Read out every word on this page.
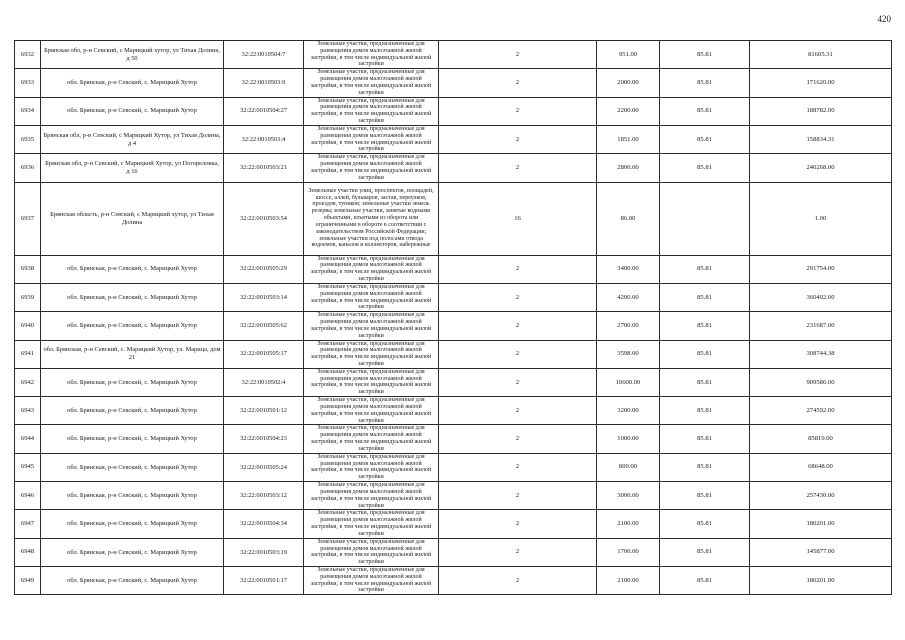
420
6932	Брянская обл, р-н Севский, с Марицкий хутор, ул Тихая Долина, д 50	32:22:0010504:7	Земельные участки, предназначенные для размещения домов малоэтажной жилой застройки, в том числе индивидуальной жилой застройки	2	951.00	85.81	81605.31
6933	обл. Брянская, р-н Севский, с. Марицкий Хутор	32:22:0010503:9	Земельные участки, предназначенные для размещения домов малоэтажной жилой застройки, в том числе индивидуальной жилой застройки	2	2000.00	85.81	171620.00
6934	обл. Брянская, р-н Севский, с. Марицкий Хутор	32:22:0010504:27	Земельные участки, предназначенные для размещения домов малоэтажной жилой застройки, в том числе индивидуальной жилой застройки	2	2200.00	85.81	188782.00
6935	Брянская обл, р-н Севский, с Марицкий Хутор, ул Тихая Долина, д 4	32:22:0010503:4	Земельные участки, предназначенные для размещения домов малоэтажной жилой застройки, в том числе индивидуальной жилой застройки	2	1851.00	85.81	158834.31
6936	Брянская обл, р-н Севский, с Марицкий Хутор, ул Погореловка, д 16	32:22:0010503:21	Земельные участки, предназначенные для размещения домов малоэтажной жилой застройки, в том числе индивидуальной жилой застройки	2	2800.00	85.81	240268.00
6937	Брянская область, р-н Севский, с Марицкий хутор, ул Тихая Долина	32:22:0010503:54	Земельные участки улиц, проспектов, площадей, шоссе, аллей, бульваров, застав, переулков, проездов, тупиков; земельные участки земель резерва; земельные участки, занятые водными объектами, изъятыми из оборота или ограниченными в обороте в соответствии с законодательством Российской Федерации; земельные участки под полосами отвода водоемов, каналов и коллекторов, набережные	16	86.00		1.00
6938	обл. Брянская, р-н Севский, с. Марицкий Хутор	32:22:0010505:29	Земельные участки, предназначенные для размещения домов малоэтажной жилой застройки, в том числе индивидуальной жилой застройки	2	3400.00	85.81	291754.00
6939	обл. Брянская, р-н Севский, с. Марицкий Хутор	32:22:0010503:14	Земельные участки, предназначенные для размещения домов малоэтажной жилой застройки, в том числе индивидуальной жилой застройки	2	4200.00	85.81	360402.00
6940	обл. Брянская, р-н Севский, с. Марицкий Хутор	32:22:0010505:62	Земельные участки, предназначенные для размещения домов малоэтажной жилой застройки, в том числе индивидуальной жилой застройки	2	2700.00	85.81	231687.00
6941	обл. Брянская, р-н Севский, с. Марицкий Хутор, ул. Марица, дом 21	32:22:0010505:17	Земельные участки, предназначенные для размещения домов малоэтажной жилой застройки, в том числе индивидуальной жилой застройки	2	3598.00	85.81	308744.38
6942	обл. Брянская, р-н Севский, с. Марицкий Хутор	32:22:0010502:4	Земельные участки, предназначенные для размещения домов малоэтажной жилой застройки, в том числе индивидуальной жилой застройки	2	10600.00	85.81	909586.00
6943	обл. Брянская, р-н Севский, с. Марицкий Хутор	32:22:0010501:12	Земельные участки, предназначенные для размещения домов малоэтажной жилой застройки, в том числе индивидуальной жилой застройки	2	3200.00	85.81	274592.00
6944	обл. Брянская, р-н Севский, с. Марицкий Хутор	32:22:0010504:23	Земельные участки, предназначенные для размещения домов малоэтажной жилой застройки, в том числе индивидуальной жилой застройки	2	1000.00	85.81	85810.00
6945	обл. Брянская, р-н Севский, с. Марицкий Хутор	32:22:0010505:24	Земельные участки, предназначенные для размещения домов малоэтажной жилой застройки, в том числе индивидуальной жилой застройки	2	800.00	85.81	68648.00
6946	обл. Брянская, р-н Севский, с. Марицкий Хутор	32:22:0010503:12	Земельные участки, предназначенные для размещения домов малоэтажной жилой застройки, в том числе индивидуальной жилой застройки	2	3000.00	85.81	257430.00
6947	обл. Брянская, р-н Севский, с. Марицкий Хутор	32:22:0010504:34	Земельные участки, предназначенные для размещения домов малоэтажной жилой застройки, в том числе индивидуальной жилой застройки	2	2100.00	85.81	180201.00
6948	обл. Брянская, р-н Севский, с. Марицкий Хутор	32:22:0010503:19	Земельные участки, предназначенные для размещения домов малоэтажной жилой застройки, в том числе индивидуальной жилой застройки	2	1700.00	85.81	145877.00
6949	обл. Брянская, р-н Севский, с. Марицкий Хутор	32:22:0010501:17	Земельные участки, предназначенные для размещения домов малоэтажной жилой застройки, в том числе индивидуальной жилой застройки	2	2100.00	85.81	180201.00
